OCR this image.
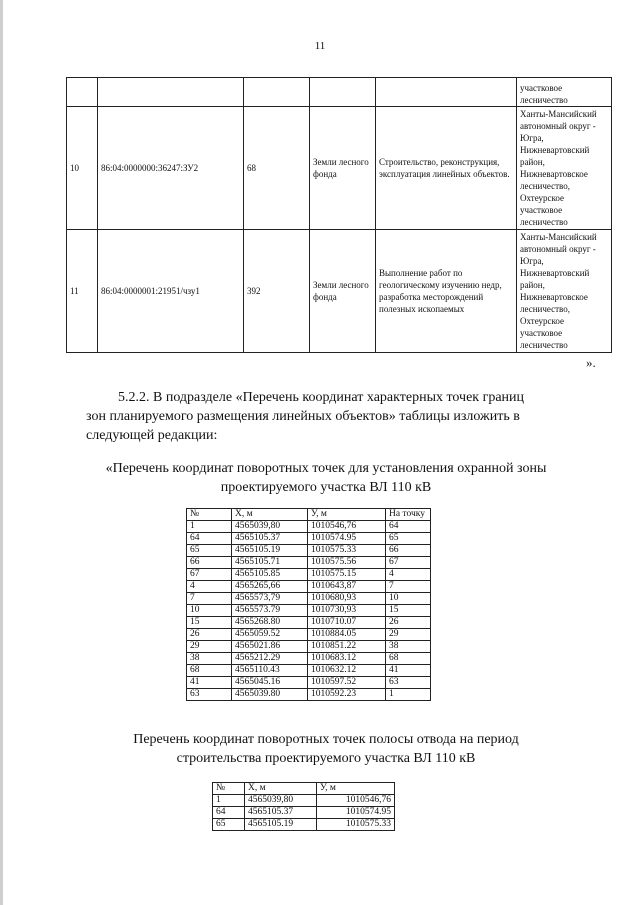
11
					участковое лесничество
10	86:04:0000000:36247:ЗУ2	68	Земли лесного фонда	Строительство, реконструкция, эксплуатация линейных объектов.	Ханты-Мансийский автономный округ - Югра, Нижневартовский район, Нижневартовское лесничество, Охтеурское участковое лесничество
11	86:04:0000001:21951/чзу1	392	Земли лесного фонда	Выполнение работ по геологическому изучению недр, разработка месторождений полезных ископаемых	Ханты-Мансийский автономный округ - Югра, Нижневартовский район, Нижневартовское лесничество, Охтеурское участковое лесничество
».
5.2.2. В подразделе «Перечень координат характерных точек границ
зон планируемого размещения линейных объектов» таблицы изложить в
следующей редакции:
«Перечень координат поворотных точек для установления охранной зоны
проектируемого участка ВЛ 110 кВ
№	X, м	У, м	На точку
1	4565039,80	1010546,76	64
64	4565105.37	1010574.95	65
65	4565105.19	1010575.33	66
66	4565105.71	1010575.56	67
67	4565105.85	1010575.15	4
4	4565265,66	1010643,87	7
7	4565573,79	1010680,93	10
10	4565573.79	1010730,93	15
15	4565268.80	1010710.07	26
26	4565059.52	1010884.05	29
29	4565021.86	1010851.22	38
38	4565212.29	1010683.12	68
68	4565110.43	1010632.12	41
41	4565045.16	1010597.52	63
63	4565039.80	1010592.23	1
Перечень координат поворотных точек полосы отвода на период
строительства проектируемого участка ВЛ 110 кВ
№	X, м	У, м
1	4565039,80	1010546,76
64	4565105.37	1010574.95
65	4565105.19	1010575.33
